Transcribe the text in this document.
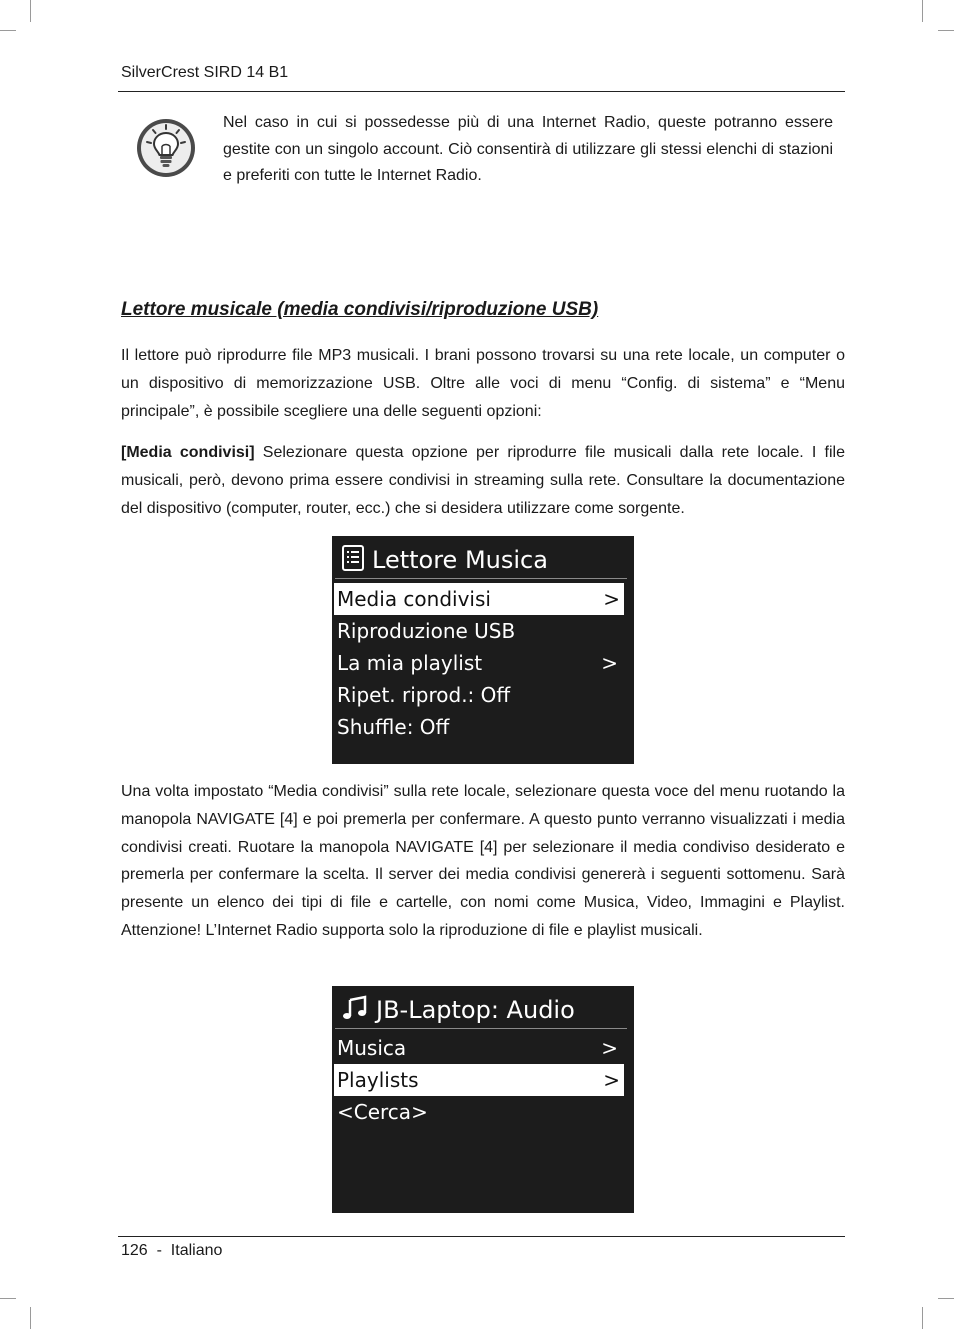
SilverCrest SIRD 14 B1
Nel caso in cui si possedesse più di una Internet Radio, queste potranno essere gestite con un singolo account. Ciò consentirà di utilizzare gli stessi elenchi di stazioni e preferiti con tutte le Internet Radio.
Lettore musicale (media condivisi/riproduzione USB)

Il lettore può riprodurre file MP3 musicali. I brani possono trovarsi su una rete locale, un computer o un dispositivo di memorizzazione USB. Oltre alle voci di menu “Config. di sistema” e “Menu principale”, è possibile scegliere una delle seguenti opzioni:

[Media condivisi] Selezionare questa opzione per riprodurre file musicali dalla rete locale. I file musicali, però, devono prima essere condivisi in streaming sulla rete. Consultare la documentazione del dispositivo (computer, router, ecc.) che si desidera utilizzare come sorgente.

Lettore Musica
Media condivisi	>
Riproduzione USB
La mia playlist	>
Ripet. riprod.: Off
Shuffle: Off

Una volta impostato “Media condivisi” sulla rete locale, selezionare questa voce del menu ruotando la manopola NAVIGATE [4] e poi premerla per confermare. A questo punto verranno visualizzati i media condivisi creati. Ruotare la manopola NAVIGATE [4] per selezionare il media condiviso desiderato e premerla per confermare la scelta. Il server dei media condivisi genererà i seguenti sottomenu. Sarà presente un elenco dei tipi di file e cartelle, con nomi come Musica, Video, Immagini e Playlist. Attenzione! L’Internet Radio supporta solo la riproduzione di file e playlist musicali.

JB-Laptop: Audio
Musica	>
Playlists	>
<Cerca>
126  -  Italiano
